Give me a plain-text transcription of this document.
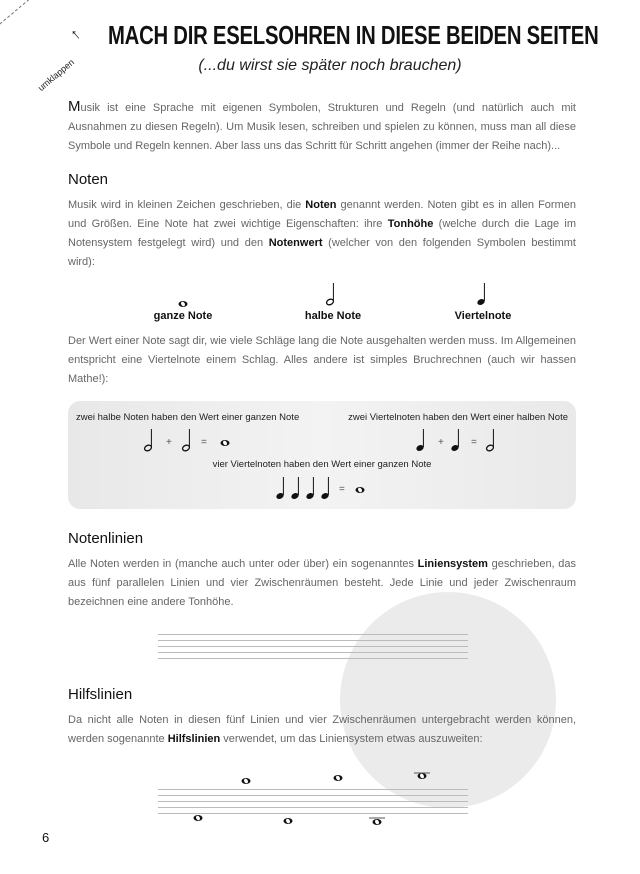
umklappen
↑ MACH DIR ESELSOHREN IN DIESE BEIDEN SEITEN
(...du wirst sie später noch brauchen)
Musik ist eine Sprache mit eigenen Symbolen, Strukturen und Regeln (und natürlich auch mit Ausnahmen zu diesen Regeln). Um Musik lesen, schreiben und spielen zu können, muss man all diese Symbole und Regeln kennen. Aber lass uns das Schritt für Schritt angehen (immer der Reihe nach)...
Noten
Musik wird in kleinen Zeichen geschrieben, die Noten genannt werden. Noten gibt es in allen Formen und Größen. Eine Note hat zwei wichtige Eigenschaften: ihre Tonhöhe (welche durch die Lage im Notensystem festgelegt wird) und den Notenwert (welcher von den folgenden Symbolen bestimmt wird):
ganze Note	halbe Note	Viertelnote
Der Wert einer Note sagt dir, wie viele Schläge lang die Note ausgehalten werden muss. Im Allgemeinen entspricht eine Viertelnote einem Schlag. Alles andere ist simples Bruchrechnen (auch wir hassen Mathe!):
zwei halbe Noten haben den Wert einer ganzen Note
+	=
zwei Viertelnoten haben den Wert einer halben Note
+	=
vier Viertelnoten haben den Wert einer ganzen Note
=
Notenlinien
Alle Noten werden in (manche auch unter oder über) ein sogenanntes Liniensystem geschrieben, das aus fünf parallelen Linien und vier Zwischenräumen besteht. Jede Linie und jeder Zwischenraum bezeichnen eine andere Tonhöhe.
Hilfslinien
Da nicht alle Noten in diesen fünf Linien und vier Zwischenräumen untergebracht werden können, werden sogenannte Hilfslinien verwendet, um das Liniensystem etwas auszuweiten:
6
